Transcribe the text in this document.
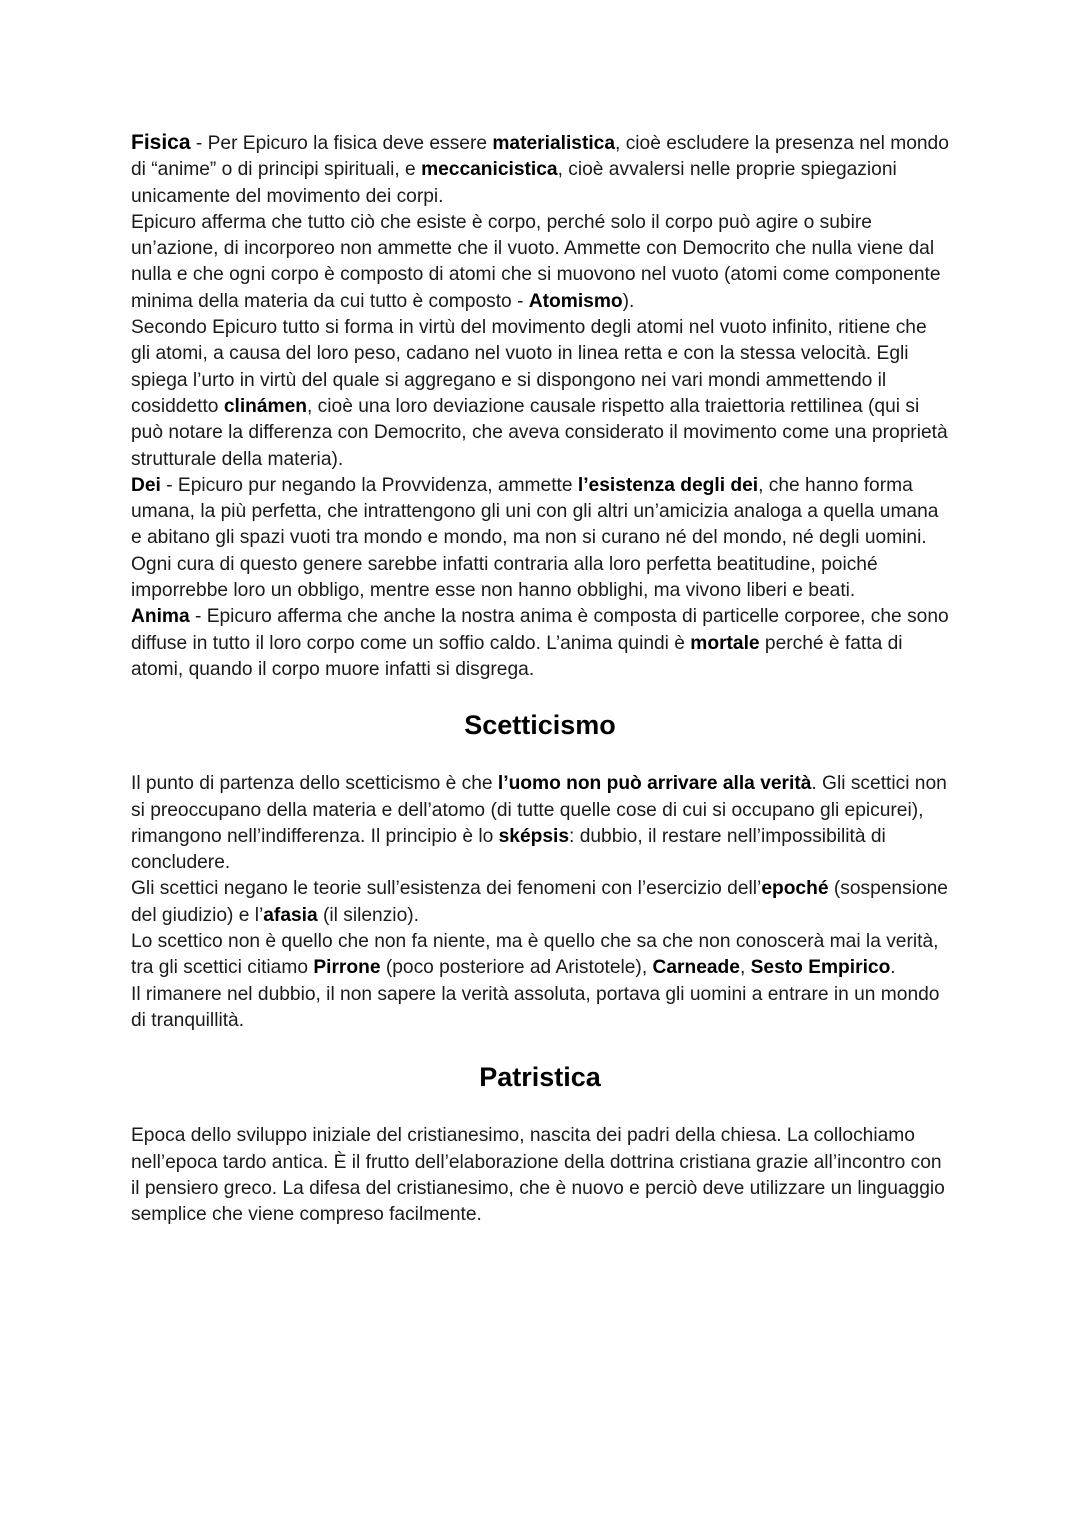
Fisica - Per Epicuro la fisica deve essere materialistica, cioè escludere la presenza nel mondo di “anime” o di principi spirituali, e meccanicistica, cioè avvalersi nelle proprie spiegazioni unicamente del movimento dei corpi.

Epicuro afferma che tutto ciò che esiste è corpo, perché solo il corpo può agire o subire un’azione, di incorporeo non ammette che il vuoto. Ammette con Democrito che nulla viene dal nulla e che ogni corpo è composto di atomi che si muovono nel vuoto (atomi come componente minima della materia da cui tutto è composto - Atomismo).

Secondo Epicuro tutto si forma in virtù del movimento degli atomi nel vuoto infinito, ritiene che gli atomi, a causa del loro peso, cadano nel vuoto in linea retta e con la stessa velocità. Egli spiega l’urto in virtù del quale si aggregano e si dispongono nei vari mondi ammettendo il cosiddetto clinámen, cioè una loro deviazione causale rispetto alla traiettoria rettilinea (qui si può notare la differenza con Democrito, che aveva considerato il movimento come una proprietà strutturale della materia).

Dei - Epicuro pur negando la Provvidenza, ammette l’esistenza degli dei, che hanno forma umana, la più perfetta, che intrattengono gli uni con gli altri un’amicizia analoga a quella umana e abitano gli spazi vuoti tra mondo e mondo, ma non si curano né del mondo, né degli uomini. Ogni cura di questo genere sarebbe infatti contraria alla loro perfetta beatitudine, poiché imporrebbe loro un obbligo, mentre esse non hanno obblighi, ma vivono liberi e beati.

Anima - Epicuro afferma che anche la nostra anima è composta di particelle corporee, che sono diffuse in tutto il loro corpo come un soffio caldo. L’anima quindi è mortale perché è fatta di atomi, quando il corpo muore infatti si disgrega.

Scetticismo

Il punto di partenza dello scetticismo è che l’uomo non può arrivare alla verità. Gli scettici non si preoccupano della materia e dell’atomo (di tutte quelle cose di cui si occupano gli epicurei), rimangono nell’indifferenza. Il principio è lo sképsis: dubbio, il restare nell’impossibilità di concludere.

Gli scettici negano le teorie sull’esistenza dei fenomeni con l’esercizio dell’epoché (sospensione del giudizio) e l’afasia (il silenzio).

Lo scettico non è quello che non fa niente, ma è quello che sa che non conoscerà mai la verità, tra gli scettici citiamo Pirrone (poco posteriore ad Aristotele), Carneade, Sesto Empirico.

Il rimanere nel dubbio, il non sapere la verità assoluta, portava gli uomini a entrare in un mondo di tranquillità.

Patristica

Epoca dello sviluppo iniziale del cristianesimo, nascita dei padri della chiesa. La collochiamo nell’epoca tardo antica. È il frutto dell’elaborazione della dottrina cristiana grazie all’incontro con il pensiero greco. La difesa del cristianesimo, che è nuovo e perciò deve utilizzare un linguaggio semplice che viene compreso facilmente.
